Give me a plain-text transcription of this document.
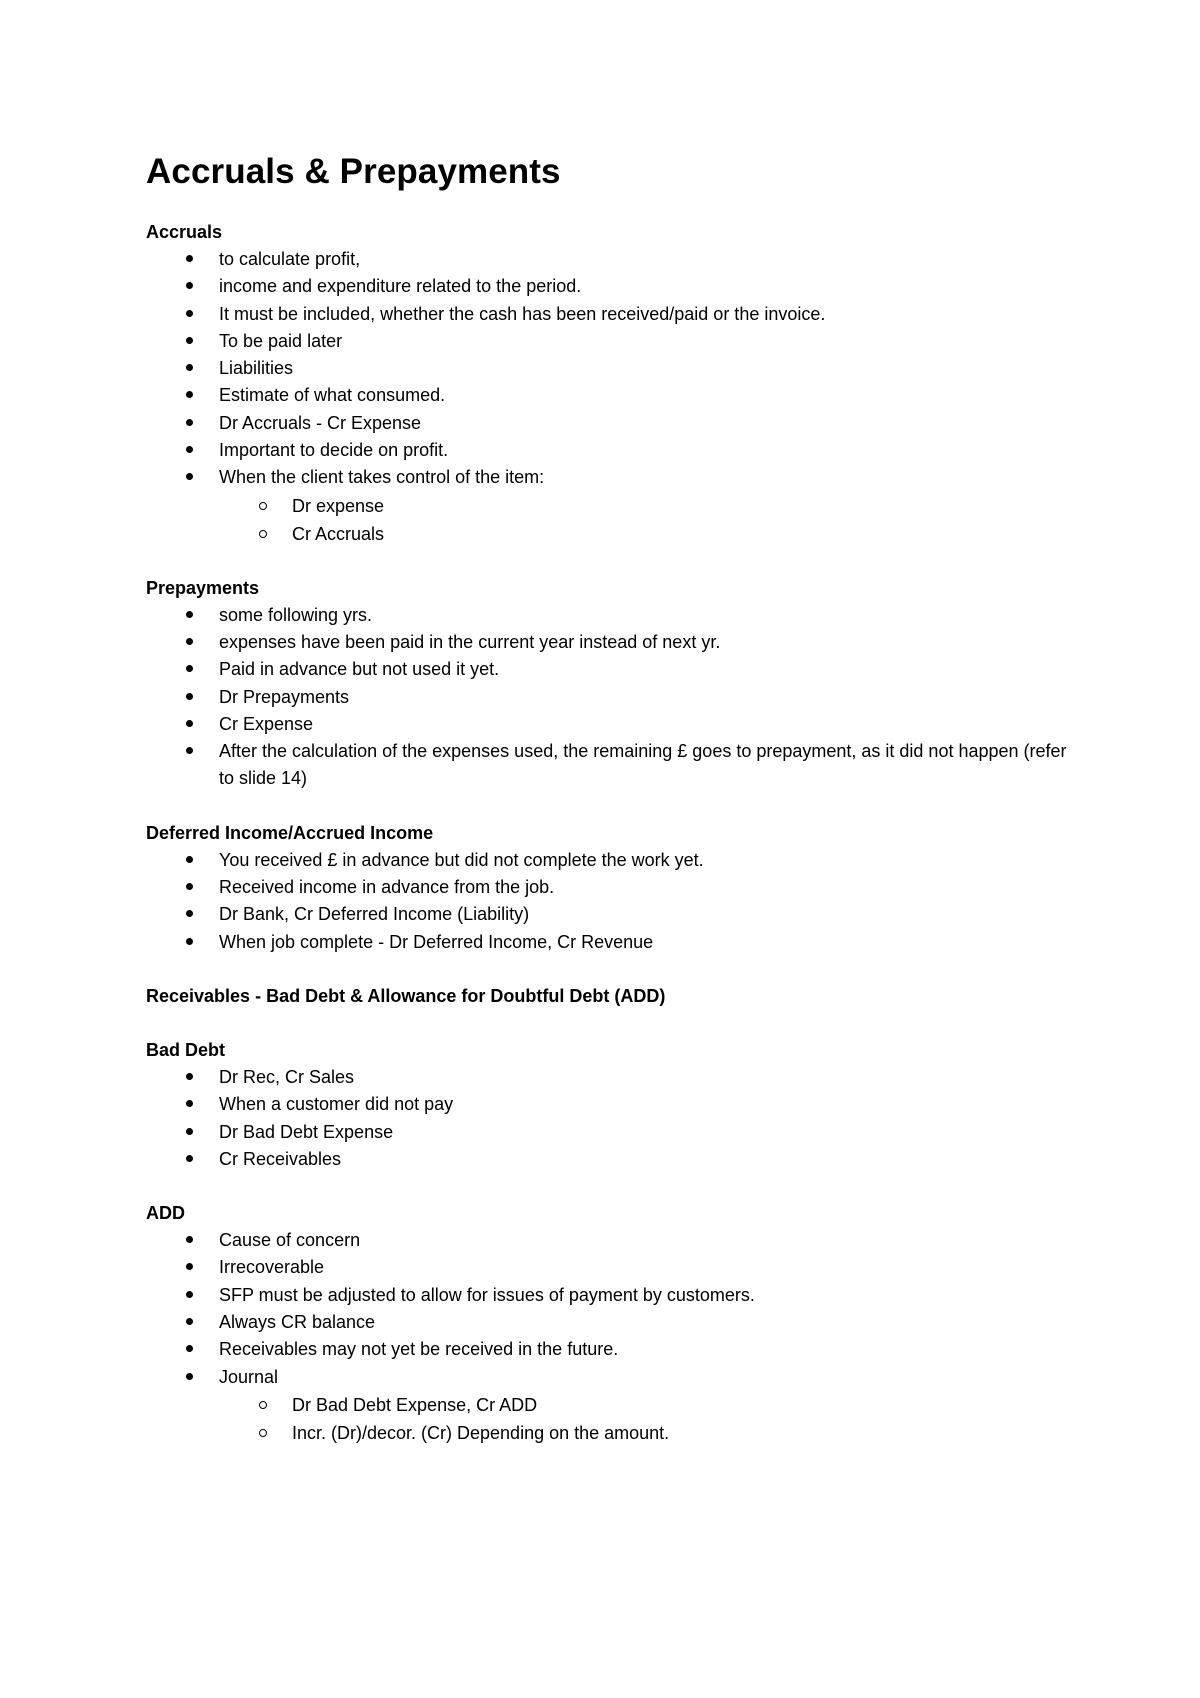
Accruals & Prepayments
Accruals
to calculate profit,
income and expenditure related to the period.
It must be included, whether the cash has been received/paid or the invoice.
To be paid later
Liabilities
Estimate of what consumed.
Dr Accruals - Cr Expense
Important to decide on profit.
When the client takes control of the item:
Dr expense
Cr Accruals
Prepayments
some following yrs.
expenses have been paid in the current year instead of next yr.
Paid in advance but not used it yet.
Dr Prepayments
Cr Expense
After the calculation of the expenses used, the remaining £ goes to prepayment, as it did not happen (refer to slide 14)
Deferred Income/Accrued Income
You received £ in advance but did not complete the work yet.
Received income in advance from the job.
Dr Bank, Cr Deferred Income (Liability)
When job complete - Dr Deferred Income, Cr Revenue
Receivables - Bad Debt & Allowance for Doubtful Debt (ADD)
Bad Debt
Dr Rec, Cr Sales
When a customer did not pay
Dr Bad Debt Expense
Cr Receivables
ADD
Cause of concern
Irrecoverable
SFP must be adjusted to allow for issues of payment by customers.
Always CR balance
Receivables may not yet be received in the future.
Journal
Dr Bad Debt Expense, Cr ADD
Incr. (Dr)/decor. (Cr) Depending on the amount.
